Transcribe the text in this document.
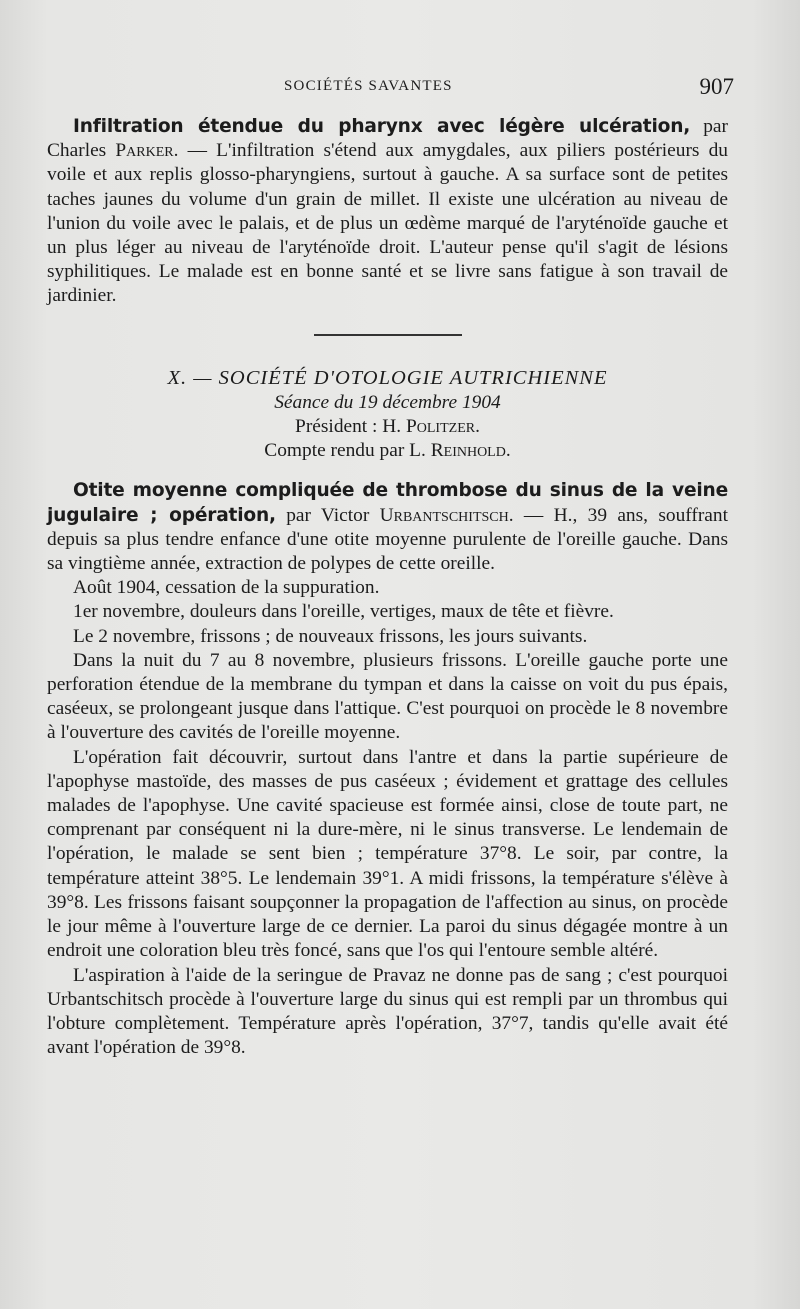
SOCIÉTÉS SAVANTES	907

Infiltration étendue du pharynx avec légère ulcération, par Charles Parker. — L'infiltration s'étend aux amygdales, aux piliers postérieurs du voile et aux replis glosso-pharyngiens, surtout à gauche. A sa surface sont de petites taches jaunes du volume d'un grain de millet. Il existe une ulcération au niveau de l'union du voile avec le palais, et de plus un œdème marqué de l'aryténoïde gauche et un plus léger au niveau de l'aryténoïde droit. L'auteur pense qu'il s'agit de lésions syphilitiques. Le malade est en bonne santé et se livre sans fatigue à son travail de jardinier.

X. — SOCIÉTÉ D'OTOLOGIE AUTRICHIENNE

Séance du 19 décembre 1904

Président : H. Politzer.

Compte rendu par L. Reinhold.

Otite moyenne compliquée de thrombose du sinus de la veine jugulaire ; opération, par Victor Urbantschitsch. — H., 39 ans, souffrant depuis sa plus tendre enfance d'une otite moyenne purulente de l'oreille gauche. Dans sa vingtième année, extraction de polypes de cette oreille.

Août 1904, cessation de la suppuration.

1er novembre, douleurs dans l'oreille, vertiges, maux de tête et fièvre.

Le 2 novembre, frissons ; de nouveaux frissons, les jours suivants.

Dans la nuit du 7 au 8 novembre, plusieurs frissons. L'oreille gauche porte une perforation étendue de la membrane du tympan et dans la caisse on voit du pus épais, caséeux, se prolongeant jusque dans l'attique. C'est pourquoi on procède le 8 novembre à l'ouverture des cavités de l'oreille moyenne.

L'opération fait découvrir, surtout dans l'antre et dans la partie supérieure de l'apophyse mastoïde, des masses de pus caséeux ; évidement et grattage des cellules malades de l'apophyse. Une cavité spacieuse est formée ainsi, close de toute part, ne comprenant par conséquent ni la dure-mère, ni le sinus transverse. Le lendemain de l'opération, le malade se sent bien ; température 37°8. Le soir, par contre, la température atteint 38°5. Le lendemain 39°1. A midi frissons, la température s'élève à 39°8. Les frissons faisant soupçonner la propagation de l'affection au sinus, on procède le jour même à l'ouverture large de ce dernier. La paroi du sinus dégagée montre à un endroit une coloration bleu très foncé, sans que l'os qui l'entoure semble altéré.

L'aspiration à l'aide de la seringue de Pravaz ne donne pas de sang ; c'est pourquoi Urbantschitsch procède à l'ouverture large du sinus qui est rempli par un thrombus qui l'obture complètement. Température après l'opération, 37°7, tandis qu'elle avait été avant l'opération de 39°8.
